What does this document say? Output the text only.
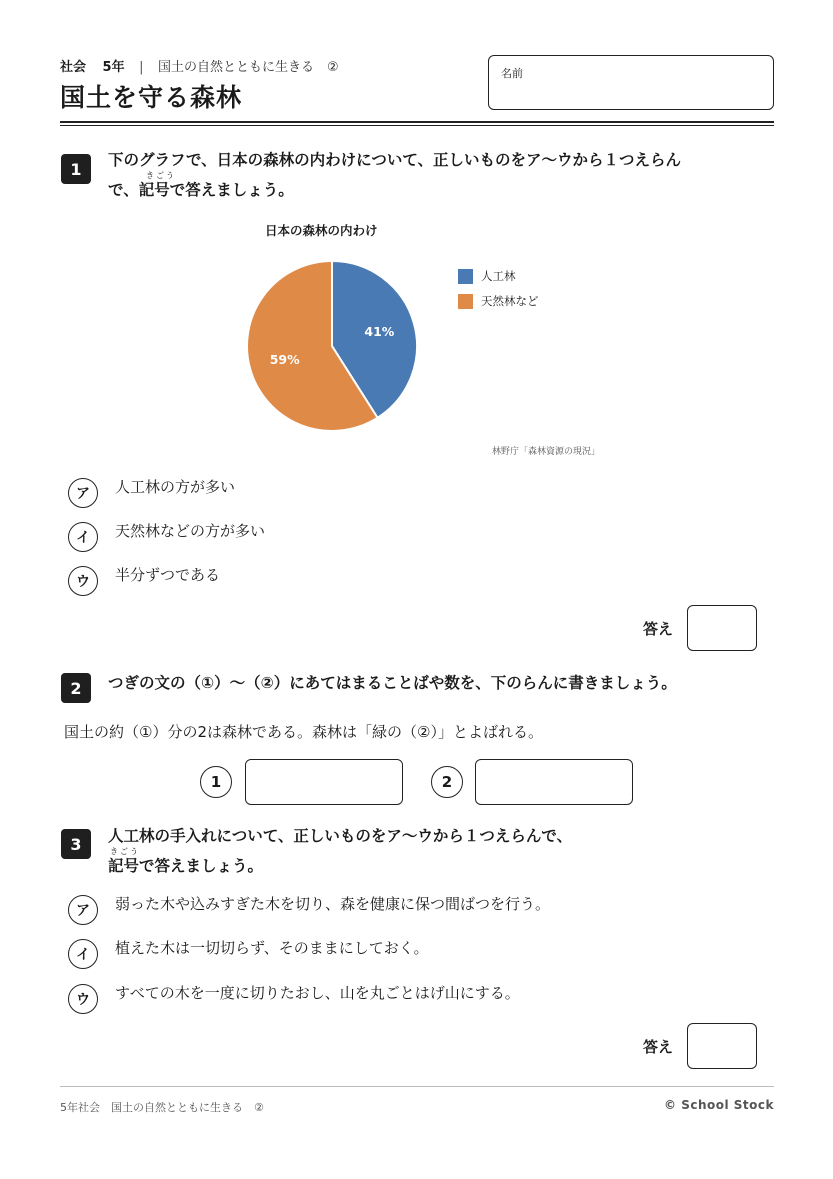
社会 5年 | 国土の自然とともに生きる　②
国土を守る森林
名前
1	下のグラフで、日本の森林の内わけについて、正しいものをア～ウから１つえらん
きごう
で、記号で答えましょう。
日本の森林の内わけ
41%
59%
人工林
天然林など
林野庁「森林資源の現況」
ア	人工林の方が多い
イ	天然林などの方が多い
ウ	半分ずつである
答え
2	つぎの文の（①）～（②）にあてはまることばや数を、下のらんに書きましょう。
国土の約（①）分の2は森林である。森林は「緑の（②）」とよばれる。
1	2
3	人工林の手入れについて、正しいものをア～ウから１つえらんで、
きごう
記号で答えましょう。
ア	弱った木や込みすぎた木を切り、森を健康に保つ間ばつを行う。
イ	植えた木は一切切らず、そのままにしておく。
ウ	すべての木を一度に切りたおし、山を丸ごとはげ山にする。
答え
5年社会　国土の自然とともに生きる　②	© School Stock
